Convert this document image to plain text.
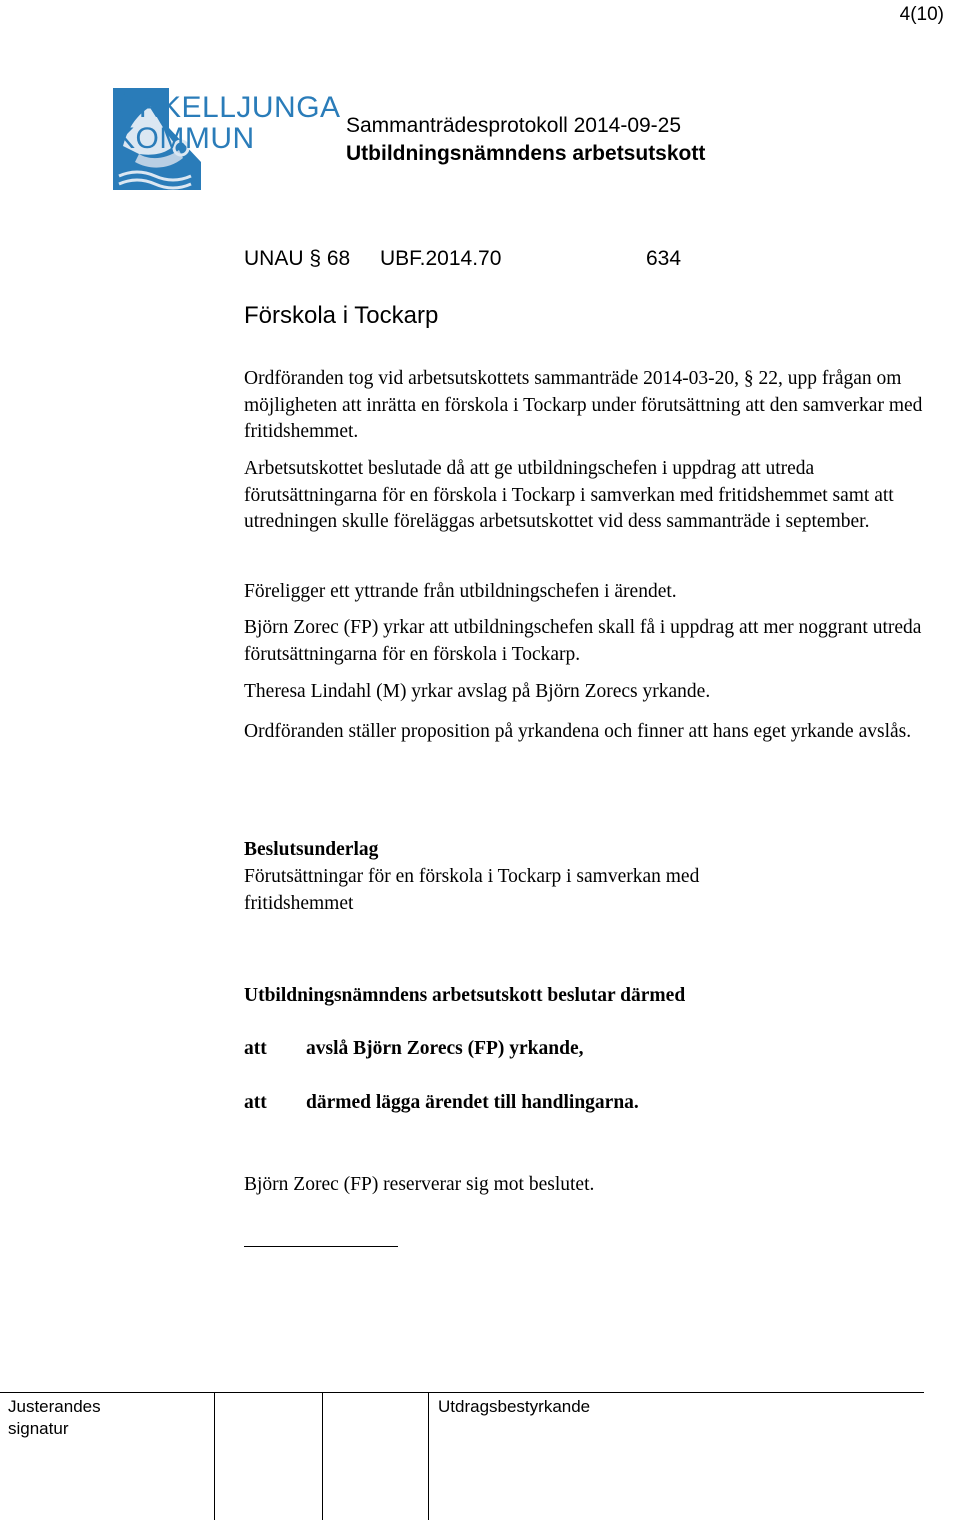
4(10)
ÖRKELLJUNGA
KOMMUN	Sammanträdesprotokoll 2014-09-25
Utbildningsnämndens arbetsutskott
UNAU § 68 UBF.2014.70	634
Förskola i Tockarp
Ordföranden tog vid arbetsutskottets sammanträde 2014-03-20, § 22, upp frågan om möjligheten att inrätta en förskola i Tockarp under förutsättning att den samverkar med fritidshemmet.
Arbetsutskottet beslutade då att ge utbildningschefen i uppdrag att utreda förutsättningarna för en förskola i Tockarp i samverkan med fritidshemmet samt att utredningen skulle föreläggas arbetsutskottet vid dess sammanträde i september.
Föreligger ett yttrande från utbildningschefen i ärendet.
Björn Zorec (FP) yrkar att utbildningschefen skall få i uppdrag att mer noggrant utreda förutsättningarna för en förskola i Tockarp.
Theresa Lindahl (M) yrkar avslag på Björn Zorecs yrkande.
Ordföranden ställer proposition på yrkandena och finner att hans eget yrkande avslås.
Beslutsunderlag
Förutsättningar för en förskola i Tockarp i samverkan med fritidshemmet
Utbildningsnämndens arbetsutskott beslutar därmed
att avslå Björn Zorecs (FP) yrkande,
att därmed lägga ärendet till handlingarna.
Björn Zorec (FP) reserverar sig mot beslutet.
Justerandes
signatur
Utdragsbestyrkande
